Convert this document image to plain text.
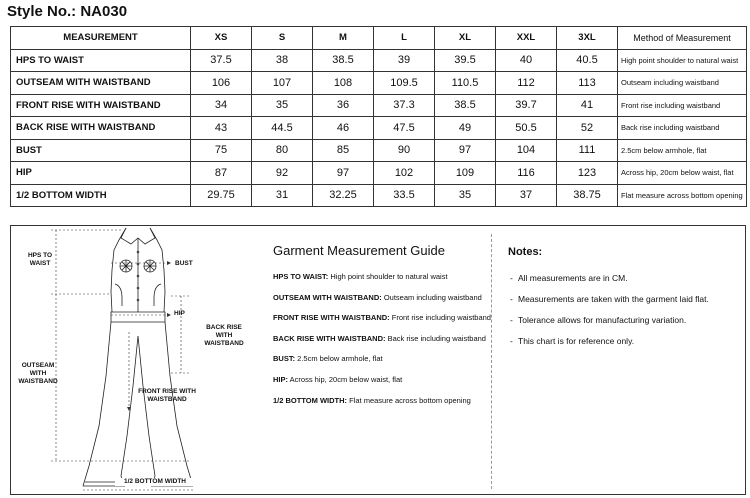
Style No.: NA030
MEASUREMENT	XS	S	M	L	XL	XXL	3XL	Method of Measurement
HPS TO WAIST	37.5	38	38.5	39	39.5	40	40.5	High point shoulder to natural waist
OUTSEAM WITH WAISTBAND	106	107	108	109.5	110.5	112	113	Outseam including waistband
FRONT RISE WITH WAISTBAND	34	35	36	37.3	38.5	39.7	41	Front rise including waistband
BACK RISE WITH WAISTBAND	43	44.5	46	47.5	49	50.5	52	Back rise including waistband
BUST	75	80	85	90	97	104	111	2.5cm below armhole, flat
HIP	87	92	97	102	109	116	123	Across hip, 20cm below waist, flat
1/2 BOTTOM WIDTH	29.75	31	32.25	33.5	35	37	38.75	Flat measure across bottom opening
HPS TO WAIST	BUST
HIP
BACK RISE WITH WAISTBAND
OUTSEAM WITH WAISTBAND
FRONT RISE WITH WAISTBAND
1/2 BOTTOM WIDTH
Garment Measurement Guide
HPS TO WAIST: High point shoulder to natural waist
OUTSEAM WITH WAISTBAND: Outseam including waistband
FRONT RISE WITH WAISTBAND: Front rise including waistband
BACK RISE WITH WAISTBAND: Back rise including waistband
BUST: 2.5cm below armhole, flat
HIP: Across hip, 20cm below waist, flat
1/2 BOTTOM WIDTH: Flat measure across bottom opening
Notes:
- All measurements are in CM.
- Measurements are taken with the garment laid flat.
- Tolerance allows for manufacturing variation.
- This chart is for reference only.
